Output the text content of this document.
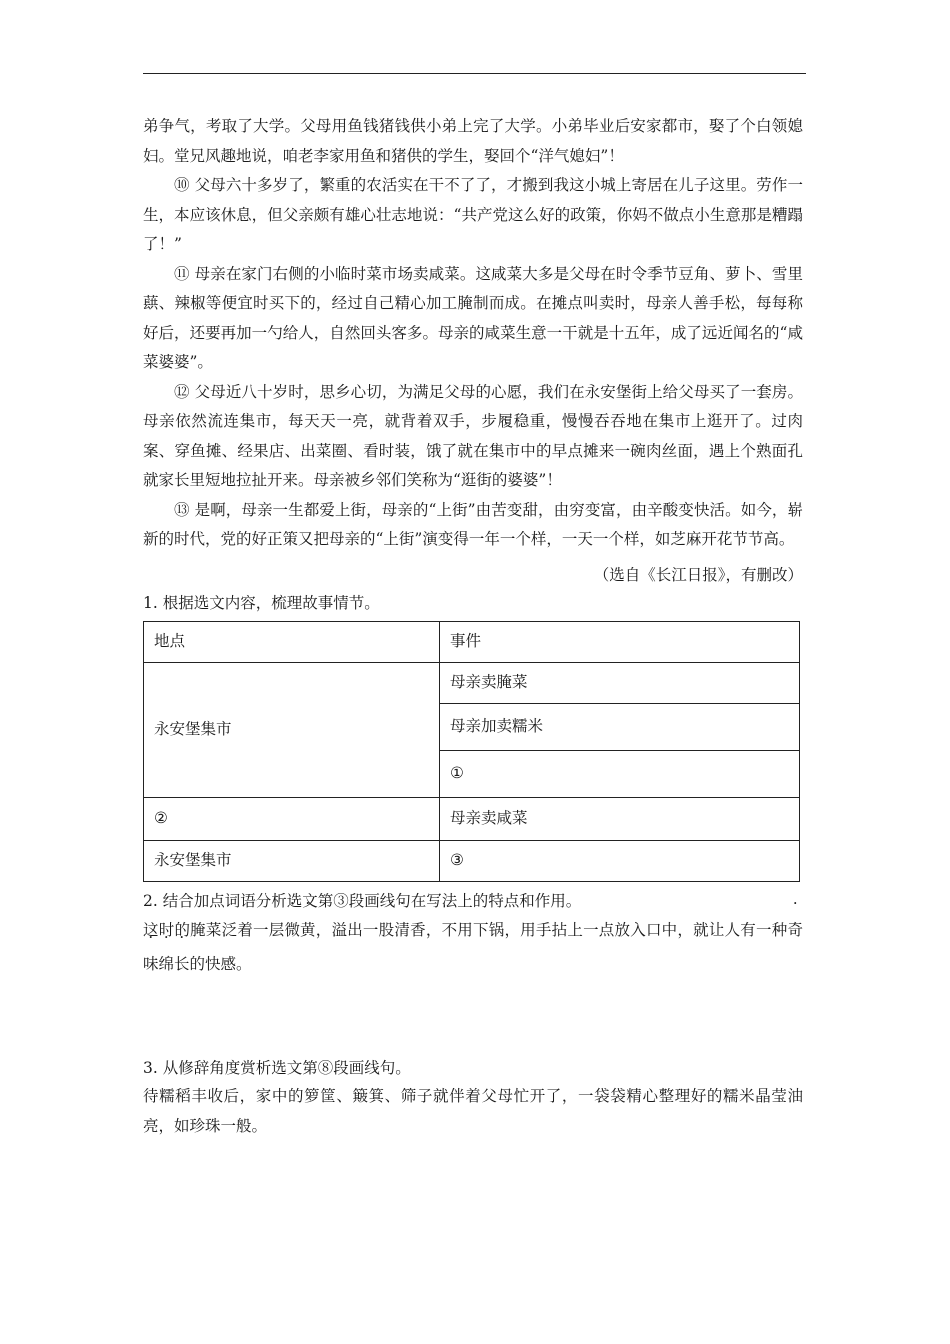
弟争气，考取了大学。父母用鱼钱猪钱供小弟上完了大学。小弟毕业后安家都市，娶了个白领媳妇。堂兄风趣地说，咱老李家用鱼和猪供的学生，娶回个“洋气媳妇”！

⑩ 父母六十多岁了，繁重的农活实在干不了了，才搬到我这小城上寄居在儿子这里。劳作一生，本应该休息，但父亲颇有雄心壮志地说：“共产党这么好的政策，你妈不做点小生意那是糟蹋了！”

⑪ 母亲在家门右侧的小临时菜市场卖咸菜。这咸菜大多是父母在时令季节豆角、萝卜、雪里蕻、辣椒等便宜时买下的，经过自己精心加工腌制而成。在摊点叫卖时，母亲人善手松，每每称好后，还要再加一勺给人，自然回头客多。母亲的咸菜生意一干就是十五年，成了远近闻名的“咸菜婆婆”。

⑫ 父母近八十岁时，思乡心切，为满足父母的心愿，我们在永安堡街上给父母买了一套房。母亲依然流连集市，每天天一亮，就背着双手，步履稳重，慢慢吞吞地在集市上逛开了。过肉案、穿鱼摊、经果店、出菜圈、看时装，饿了就在集市中的早点摊来一碗肉丝面，遇上个熟面孔就家长里短地拉扯开来。母亲被乡邻们笑称为“逛街的婆婆”！

⑬ 是啊，母亲一生都爱上街，母亲的“上街”由苦变甜，由穷变富，由辛酸变快活。如今，崭新的时代，党的好正策又把母亲的“上街”演变得一年一个样，一天一个样，如芝麻开花节节高。

（选自《长江日报》，有删改）

1. 根据选文内容，梳理故事情节。

地点	事件
永安堡集市	母亲卖腌菜
	母亲加卖糯米
	①
②	母亲卖咸菜
永安堡集市	③

2. 结合加点词语分析选文第③段画线句在写法上的特点和作用。

这时的腌菜泛着一层微黄，溢出一股清香，不用下锅，用手拈上一点放入口中，就让人有一种奇味绵长的快感。

3. 从修辞角度赏析选文第⑧段画线句。

待糯稻丰收后，家中的箩筐、簸箕、筛子就伴着父母忙开了，一袋袋精心整理好的糯米晶莹油亮，如珍珠一般。
